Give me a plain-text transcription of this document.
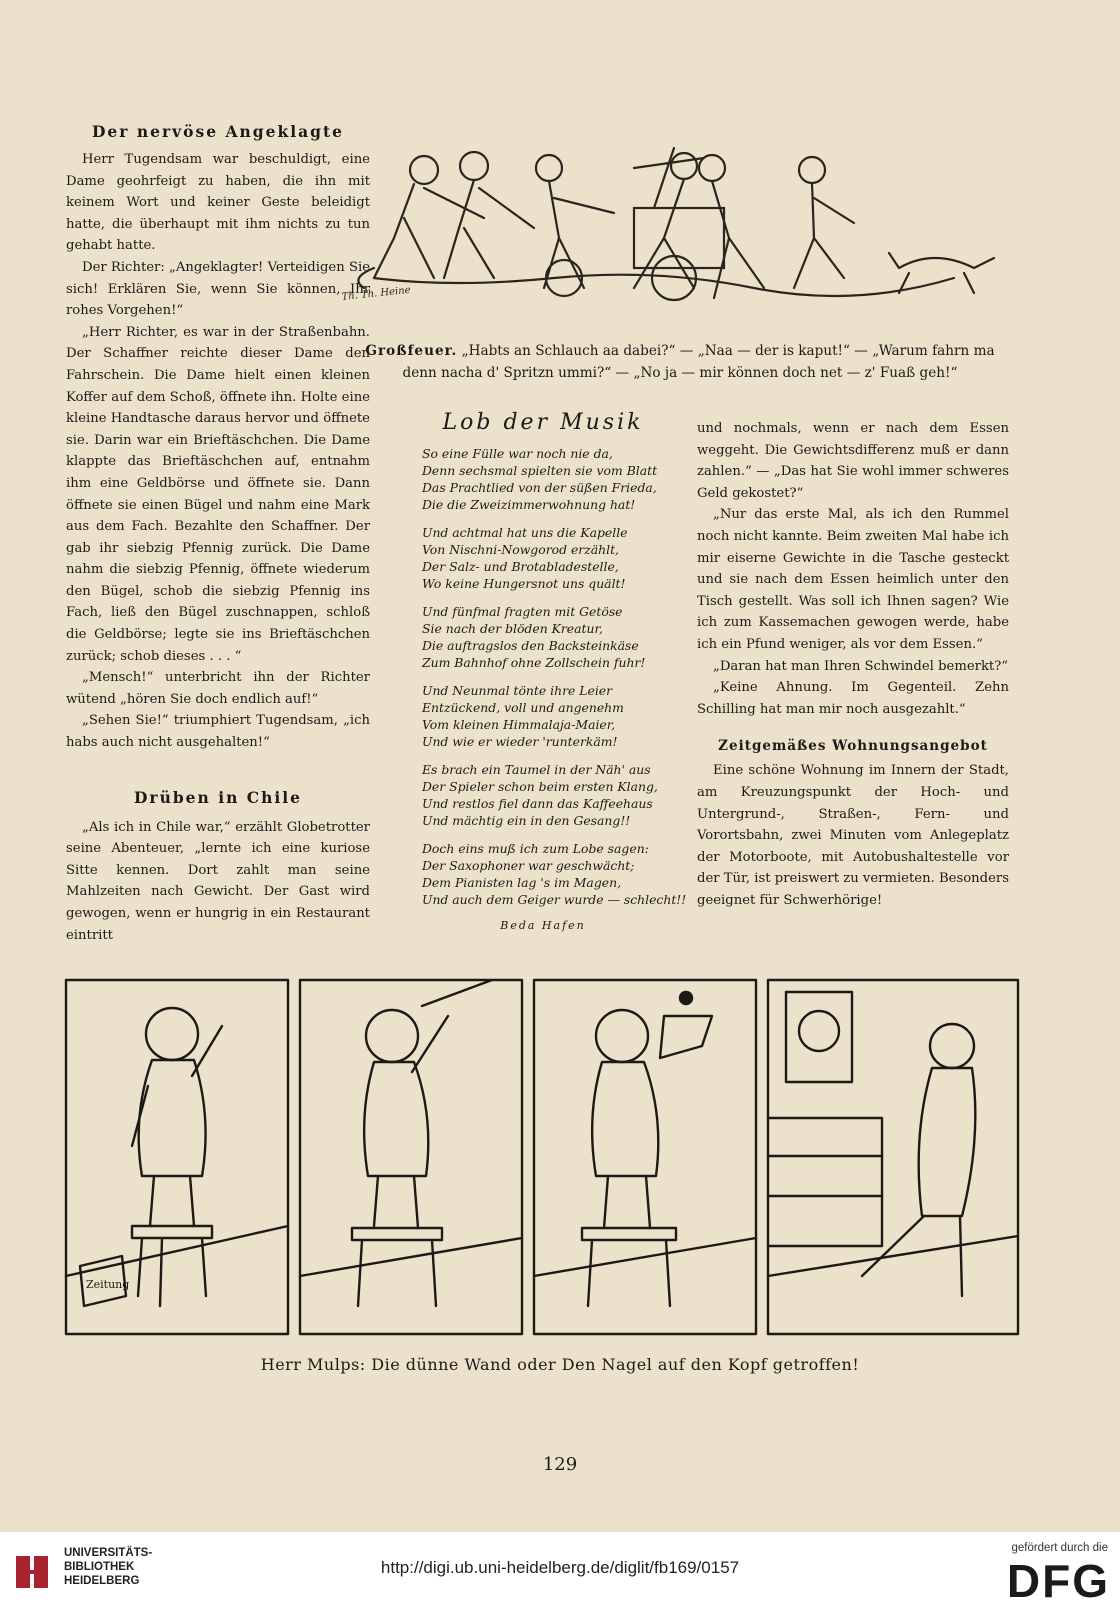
Der nervöse Angeklagte

Herr Tugendsam war beschuldigt, eine Dame geohrfeigt zu haben, die ihn mit keinem Wort und keiner Geste beleidigt hatte, die überhaupt mit ihm nichts zu tun gehabt hatte.

Der Richter: „Angeklagter! Verteidigen Sie sich! Erklären Sie, wenn Sie können, Ihr rohes Vorgehen!“

„Herr Richter, es war in der Straßenbahn. Der Schaffner reichte dieser Dame den Fahrschein. Die Dame hielt einen kleinen Koffer auf dem Schoß, öffnete ihn. Holte eine kleine Handtasche daraus hervor und öffnete sie. Darin war ein Brieftäschchen. Die Dame klappte das Brieftäschchen auf, entnahm ihm eine Geldbörse und öffnete sie. Dann öffnete sie einen Bügel und nahm eine Mark aus dem Fach. Bezahlte den Schaffner. Der gab ihr siebzig Pfennig zurück. Die Dame nahm die siebzig Pfennig, öffnete wiederum den Bügel, schob die siebzig Pfennig ins Fach, ließ den Bügel zuschnappen, schloß die Geldbörse; legte sie ins Brieftäschchen zurück; schob dieses . . . “

„Mensch!“ unterbricht ihn der Richter wütend „hören Sie doch endlich auf!“

„Sehen Sie!“ triumphiert Tugendsam, „ich habs auch nicht ausgehalten!“

Drüben in Chile

„Als ich in Chile war,“ erzählt Globetrotter seine Abenteuer, „lernte ich eine kuriose Sitte kennen. Dort zahlt man seine Mahlzeiten nach Gewicht. Der Gast wird gewogen, wenn er hungrig in ein Restaurant eintritt

Th. Th. Heine
Großfeuer. „Habts an Schlauch aa dabei?“ — „Naa — der is kaput!“ — „Warum fahrn ma denn nacha d' Spritzn ummi?“ — „No ja — mir können doch net — z' Fuaß geh!“
Lob der Musik
So eine Fülle war noch nie da,
Denn sechsmal spielten sie vom Blatt
Das Prachtlied von der süßen Frieda,
Die die Zweizimmerwohnung hat!
Und achtmal hat uns die Kapelle
Von Nischni-Nowgorod erzählt,
Der Salz- und Brotabladestelle,
Wo keine Hungersnot uns quält!
Und fünfmal fragten mit Getöse
Sie nach der blöden Kreatur,
Die auftragslos den Backsteinkäse
Zum Bahnhof ohne Zollschein fuhr!
Und Neunmal tönte ihre Leier
Entzückend, voll und angenehm
Vom kleinen Himmalaja-Maier,
Und wie er wieder 'runterkäm!
Es brach ein Taumel in der Näh' aus
Der Spieler schon beim ersten Klang,
Und restlos fiel dann das Kaffeehaus
Und mächtig ein in den Gesang!!
Doch eins muß ich zum Lobe sagen:
Der Saxophoner war geschwächt;
Dem Pianisten lag 's im Magen,
Und auch dem Geiger wurde — schlecht!!
Beda Hafen

und nochmals, wenn er nach dem Essen weggeht. Die Gewichtsdifferenz muß er dann zahlen.“ — „Das hat Sie wohl immer schweres Geld gekostet?“

„Nur das erste Mal, als ich den Rummel noch nicht kannte. Beim zweiten Mal habe ich mir eiserne Gewichte in die Tasche gesteckt und sie nach dem Essen heimlich unter den Tisch gestellt. Was soll ich Ihnen sagen? Wie ich zum Kassemachen gewogen werde, habe ich ein Pfund weniger, als vor dem Essen.“

„Daran hat man Ihren Schwindel bemerkt?“

„Keine Ahnung. Im Gegenteil. Zehn Schilling hat man mir noch ausgezahlt.“

Zeitgemäßes Wohnungsangebot

Eine schöne Wohnung im Innern der Stadt, am Kreuzungspunkt der Hoch- und Untergrund-, Straßen-, Fern- und Vorortsbahn, zwei Minuten vom Anlegeplatz der Motorboote, mit Autobushaltestelle vor der Tür, ist preiswert zu vermieten. Besonders geeignet für Schwerhörige!

Zeitung
Herr Mulps: Die dünne Wand oder Den Nagel auf den Kopf getroffen!
129
UNIVERSITÄTS-
BIBLIOTHEK
HEIDELBERG
http://digi.ub.uni-heidelberg.de/diglit/fb169/0157
gefördert durch die
DFG
